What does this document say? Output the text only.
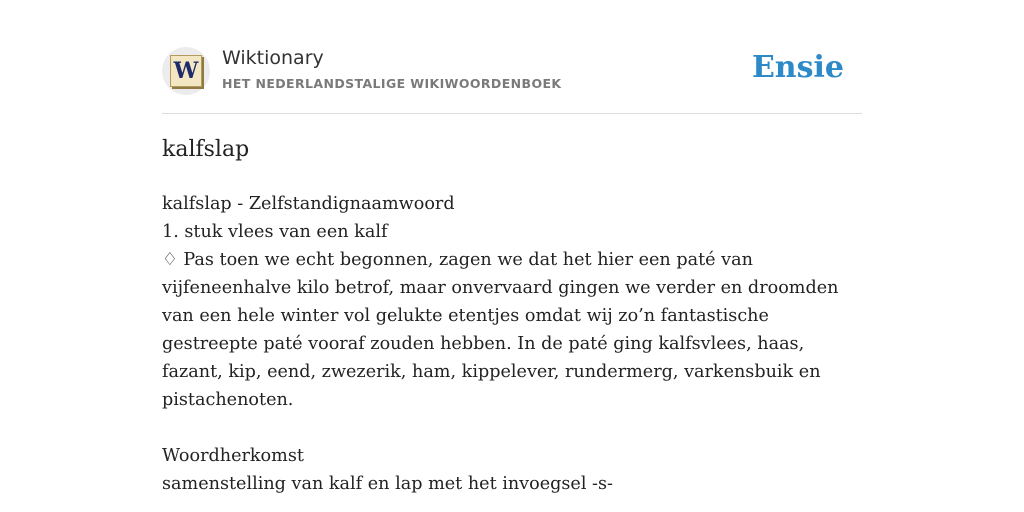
W Wiktionary
HET NEDERLANDSTALIGE WIKIWOORDENBOEK	Ensie
kalfslap
kalfslap - Zelfstandignaamwoord
1. stuk vlees van een kalf
♢ Pas toen we echt begonnen, zagen we dat het hier een paté van vijfeneenhalve kilo betrof, maar onvervaard gingen we verder en droomden van een hele winter vol gelukte etentjes omdat wij zo’n fantastische gestreepte paté vooraf zouden hebben. In de paté ging kalfsvlees, haas, fazant, kip, eend, zwezerik, ham, kippelever, rundermerg, varkensbuik en pistachenoten.
Woordherkomst
samenstelling van kalf en lap met het invoegsel -s-
